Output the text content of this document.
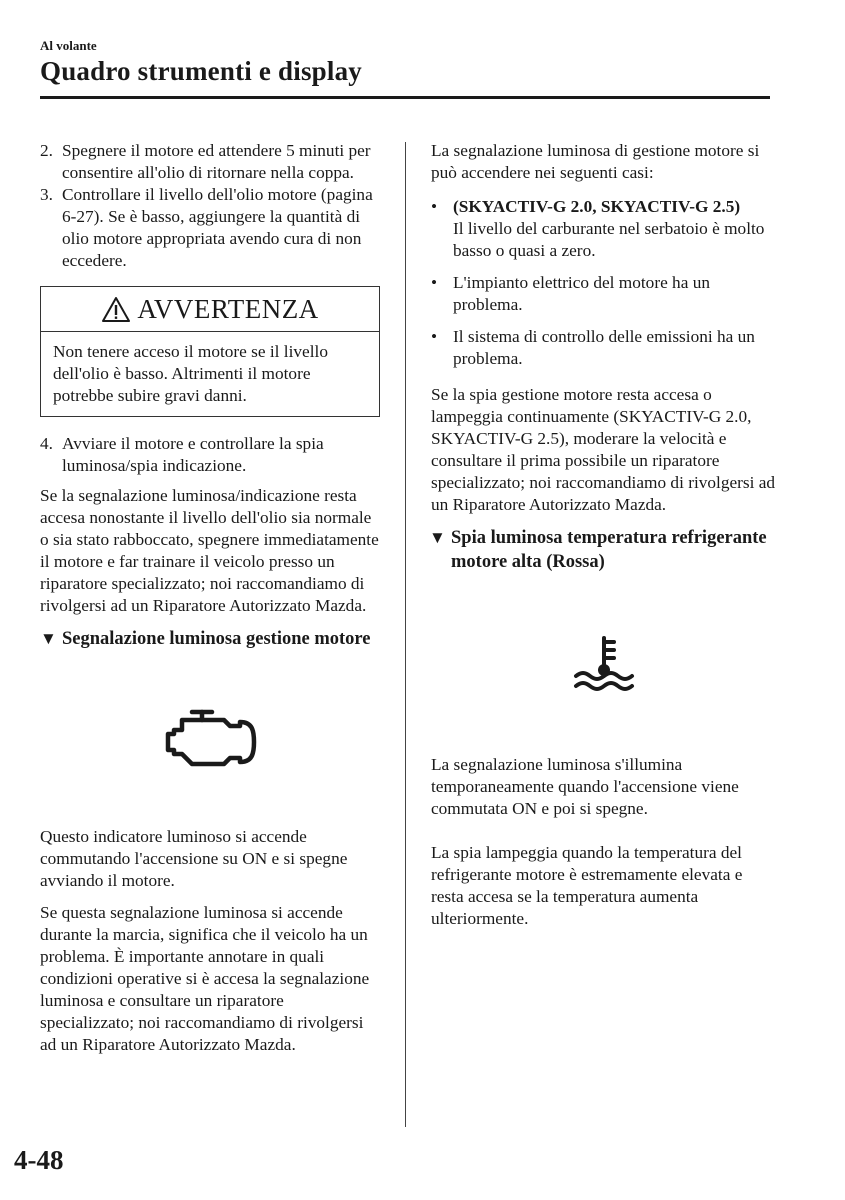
Al volante
Quadro strumenti e display
2. Spegnere il motore ed attendere 5 minuti per consentire all'olio di ritornare nella coppa.
3. Controllare il livello dell'olio motore (pagina 6-27). Se è basso, aggiungere la quantità di olio motore appropriata avendo cura di non eccedere.
AVVERTENZA
Non tenere acceso il motore se il livello dell'olio è basso. Altrimenti il motore potrebbe subire gravi danni.
4. Avviare il motore e controllare la spia luminosa/spia indicazione.

Se la segnalazione luminosa/indicazione resta accesa nonostante il livello dell'olio sia normale o sia stato rabboccato, spegnere immediatamente il motore e far trainare il veicolo presso un riparatore specializzato; noi raccomandiamo di rivolgersi ad un Riparatore Autorizzato Mazda.

▼ Segnalazione luminosa gestione motore

Questo indicatore luminoso si accende commutando l'accensione su ON e si spegne avviando il motore.

Se questa segnalazione luminosa si accende durante la marcia, significa che il veicolo ha un problema. È importante annotare in quali condizioni operative si è accesa la segnalazione luminosa e consultare un riparatore specializzato; noi raccomandiamo di rivolgersi ad un Riparatore Autorizzato Mazda.

La segnalazione luminosa di gestione motore si può accendere nei seguenti casi:

• (SKYACTIV-G 2.0, SKYACTIV-G 2.5)
Il livello del carburante nel serbatoio è molto basso o quasi a zero.
• L'impianto elettrico del motore ha un problema.
• Il sistema di controllo delle emissioni ha un problema.

Se la spia gestione motore resta accesa o lampeggia continuamente (SKYACTIV-G 2.0, SKYACTIV-G 2.5), moderare la velocità e consultare il prima possibile un riparatore specializzato; noi raccomandiamo di rivolgersi ad un Riparatore Autorizzato Mazda.

▼ Spia luminosa temperatura refrigerante motore alta (Rossa)

La segnalazione luminosa s'illumina temporaneamente quando l'accensione viene commutata ON e poi si spegne.

La spia lampeggia quando la temperatura del refrigerante motore è estremamente elevata e resta accesa se la temperatura aumenta ulteriormente.

4-48
